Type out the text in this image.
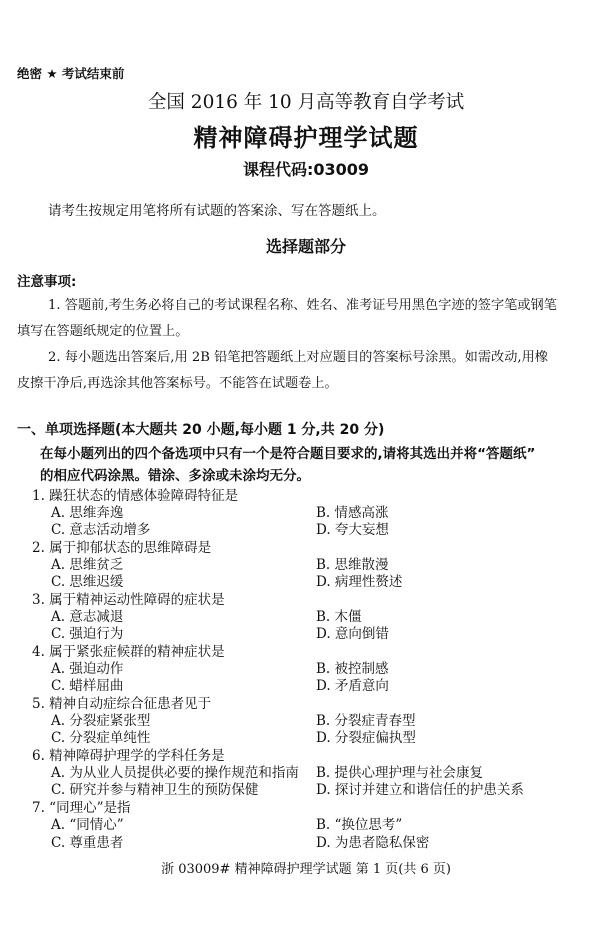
绝密 ★ 考试结束前
全国 2016 年 10 月高等教育自学考试
精神障碍护理学试题
课程代码:03009
请考生按规定用笔将所有试题的答案涂、写在答题纸上。
选择题部分
注意事项:
1. 答题前,考生务必将自己的考试课程名称、姓名、准考证号用黑色字迹的签字笔或钢笔
填写在答题纸规定的位置上。
2. 每小题选出答案后,用 2B 铅笔把答题纸上对应题目的答案标号涂黑。如需改动,用橡
皮擦干净后,再选涂其他答案标号。不能答在试题卷上。
一、单项选择题(本大题共 20 小题,每小题 1 分,共 20 分)
在每小题列出的四个备选项中只有一个是符合题目要求的,请将其选出并将“答题纸”
的相应代码涂黑。错涂、多涂或未涂均无分。
1. 躁狂状态的情感体验障碍特征是
A. 思维奔逸	B. 情感高涨
C. 意志活动增多	D. 夸大妄想
2. 属于抑郁状态的思维障碍是
A. 思维贫乏	B. 思维散漫
C. 思维迟缓	D. 病理性赘述
3. 属于精神运动性障碍的症状是
A. 意志减退	B. 木僵
C. 强迫行为	D. 意向倒错
4. 属于紧张症候群的精神症状是
A. 强迫动作	B. 被控制感
C. 蜡样屈曲	D. 矛盾意向
5. 精神自动症综合征患者见于
A. 分裂症紧张型	B. 分裂症青春型
C. 分裂症单纯性	D. 分裂症偏执型
6. 精神障碍护理学的学科任务是
A. 为从业人员提供必要的操作规范和指南 B. 提供心理护理与社会康复
C. 研究并参与精神卫生的预防保健	D. 探讨并建立和谐信任的护患关系
7. “同理心”是指
A. “同情心”	B. “换位思考”
C. 尊重患者	D. 为患者隐私保密
浙 03009# 精神障碍护理学试题 第 1 页(共 6 页)
